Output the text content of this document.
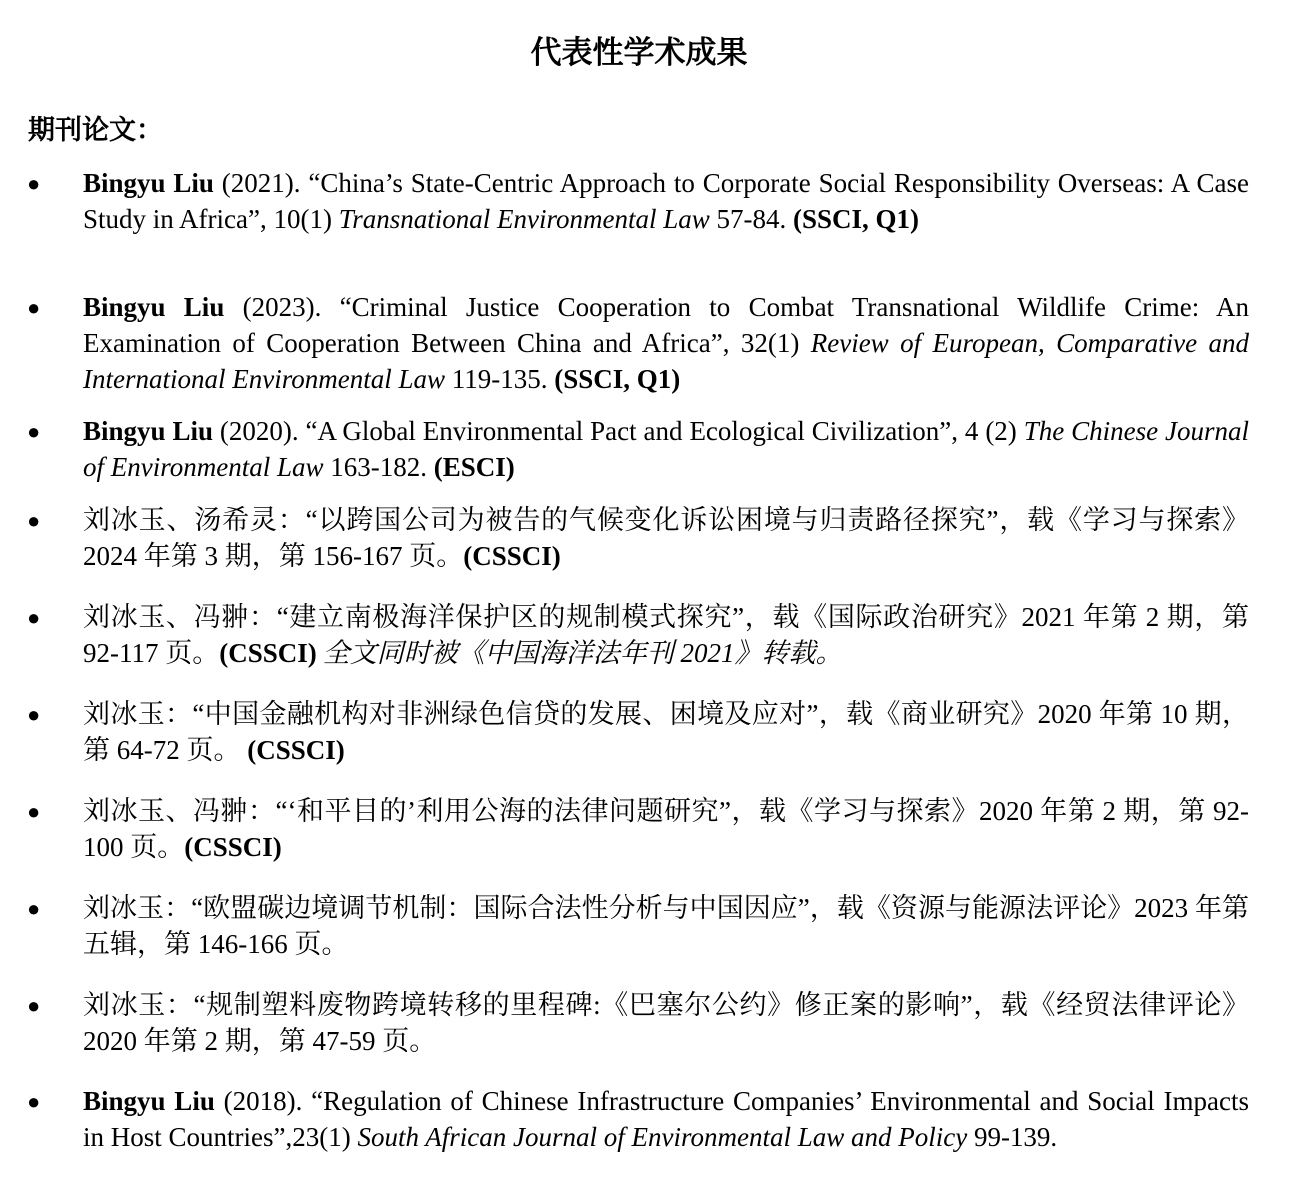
代表性学术成果
期刊论文：
● Bingyu Liu (2021). “China’s State-Centric Approach to Corporate Social Responsibility Overseas: A Case Study in Africa”, 10(1) Transnational Environmental Law 57-84. (SSCI, Q1)
● Bingyu Liu (2023). “Criminal Justice Cooperation to Combat Transnational Wildlife Crime: An Examination of Cooperation Between China and Africa”, 32(1) Review of European, Comparative and International Environmental Law 119-135. (SSCI, Q1)
● Bingyu Liu (2020). “A Global Environmental Pact and Ecological Civilization”, 4 (2) The Chinese Journal of Environmental Law 163-182. (ESCI)
● 刘冰玉、汤希灵：“以跨国公司为被告的气候变化诉讼困境与归责路径探究”，载《学习与探索》2024 年第 3 期，第 156-167 页。(CSSCI)
● 刘冰玉、冯翀：“建立南极海洋保护区的规制模式探究”，载《国际政治研究》2021 年第 2 期，第 92-117 页。(CSSCI) 全文同时被《中国海洋法年刊 2021》转载。
● 刘冰玉：“中国金融机构对非洲绿色信贷的发展、困境及应对”，载《商业研究》2020 年第 10 期，第 64-72 页。 (CSSCI)
● 刘冰玉、冯翀：“‘和平目的’利用公海的法律问题研究”，载《学习与探索》2020 年第 2 期，第 92-100 页。(CSSCI)
● 刘冰玉：“欧盟碳边境调节机制：国际合法性分析与中国因应”，载《资源与能源法评论》2023 年第五辑，第 146-166 页。
● 刘冰玉：“规制塑料废物跨境转移的里程碑:《巴塞尔公约》修正案的影响”，载《经贸法律评论》2020 年第 2 期，第 47-59 页。
● Bingyu Liu (2018). “Regulation of Chinese Infrastructure Companies’ Environmental and Social Impacts in Host Countries”,23(1) South African Journal of Environmental Law and Policy 99-139.
